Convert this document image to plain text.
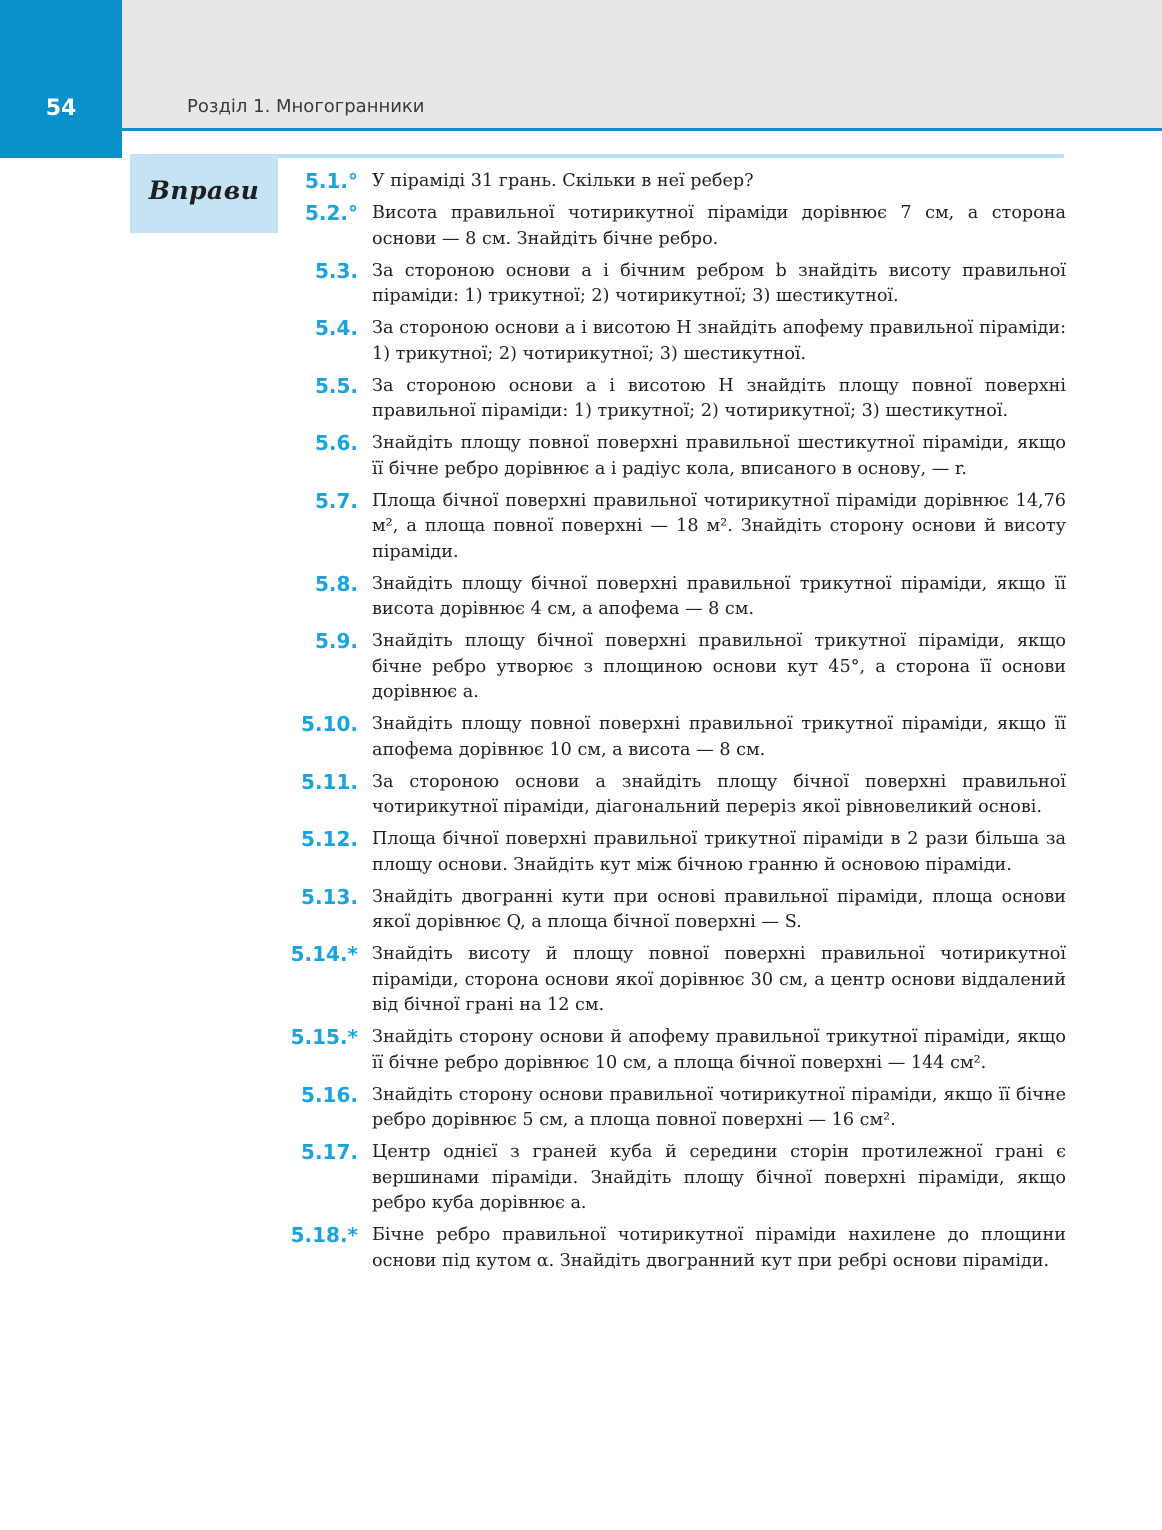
54	Розділ 1. Многогранники
Вправи	5.1.° У піраміді 31 грань. Скільки в неї ребер?
5.2.° Висота правильної чотирикутної піраміди дорівнює 7 см, а сторона основи — 8 см. Знайдіть бічне ребро.
5.3. За стороною основи a і бічним ребром b знайдіть висоту правильної піраміди: 1) трикутної; 2) чотирикутної; 3) шестикутної.
5.4. За стороною основи a і висотою H знайдіть апофему правильної піраміди: 1) трикутної; 2) чотирикутної; 3) шестикутної.
5.5. За стороною основи a і висотою H знайдіть площу повної поверхні правильної піраміди: 1) трикутної; 2) чотирикутної; 3) шестикутної.
5.6. Знайдіть площу повної поверхні правильної шестикутної піраміди, якщо її бічне ребро дорівнює a і радіус кола, вписаного в основу, — r.
5.7. Площа бічної поверхні правильної чотирикутної піраміди дорівнює 14,76 м², а площа повної поверхні — 18 м². Знайдіть сторону основи й висоту піраміди.
5.8. Знайдіть площу бічної поверхні правильної трикутної піраміди, якщо її висота дорівнює 4 см, а апофема — 8 см.
5.9. Знайдіть площу бічної поверхні правильної трикутної піраміди, якщо бічне ребро утворює з площиною основи кут 45°, а сторона її основи дорівнює a.
5.10. Знайдіть площу повної поверхні правильної трикутної піраміди, якщо її апофема дорівнює 10 см, а висота — 8 см.
5.11. За стороною основи a знайдіть площу бічної поверхні правильної чотирикутної піраміди, діагональний переріз якої рівновеликий основі.
5.12. Площа бічної поверхні правильної трикутної піраміди в 2 рази більша за площу основи. Знайдіть кут між бічною гранню й основою піраміди.
5.13. Знайдіть двогранні кути при основі правильної піраміди, площа основи якої дорівнює Q, а площа бічної поверхні — S.
5.14.* Знайдіть висоту й площу повної поверхні правильної чотирикутної піраміди, сторона основи якої дорівнює 30 см, а центр основи віддалений від бічної грані на 12 см.
5.15.* Знайдіть сторону основи й апофему правильної трикутної піраміди, якщо її бічне ребро дорівнює 10 см, а площа бічної поверхні — 144 см².
5.16. Знайдіть сторону основи правильної чотирикутної піраміди, якщо її бічне ребро дорівнює 5 см, а площа повної поверхні — 16 см².
5.17. Центр однієї з граней куба й середини сторін протилежної грані є вершинами піраміди. Знайдіть площу бічної поверхні піраміди, якщо ребро куба дорівнює a.
5.18.* Бічне ребро правильної чотирикутної піраміди нахилене до площини основи під кутом α. Знайдіть двогранний кут при ребрі основи піраміди.
